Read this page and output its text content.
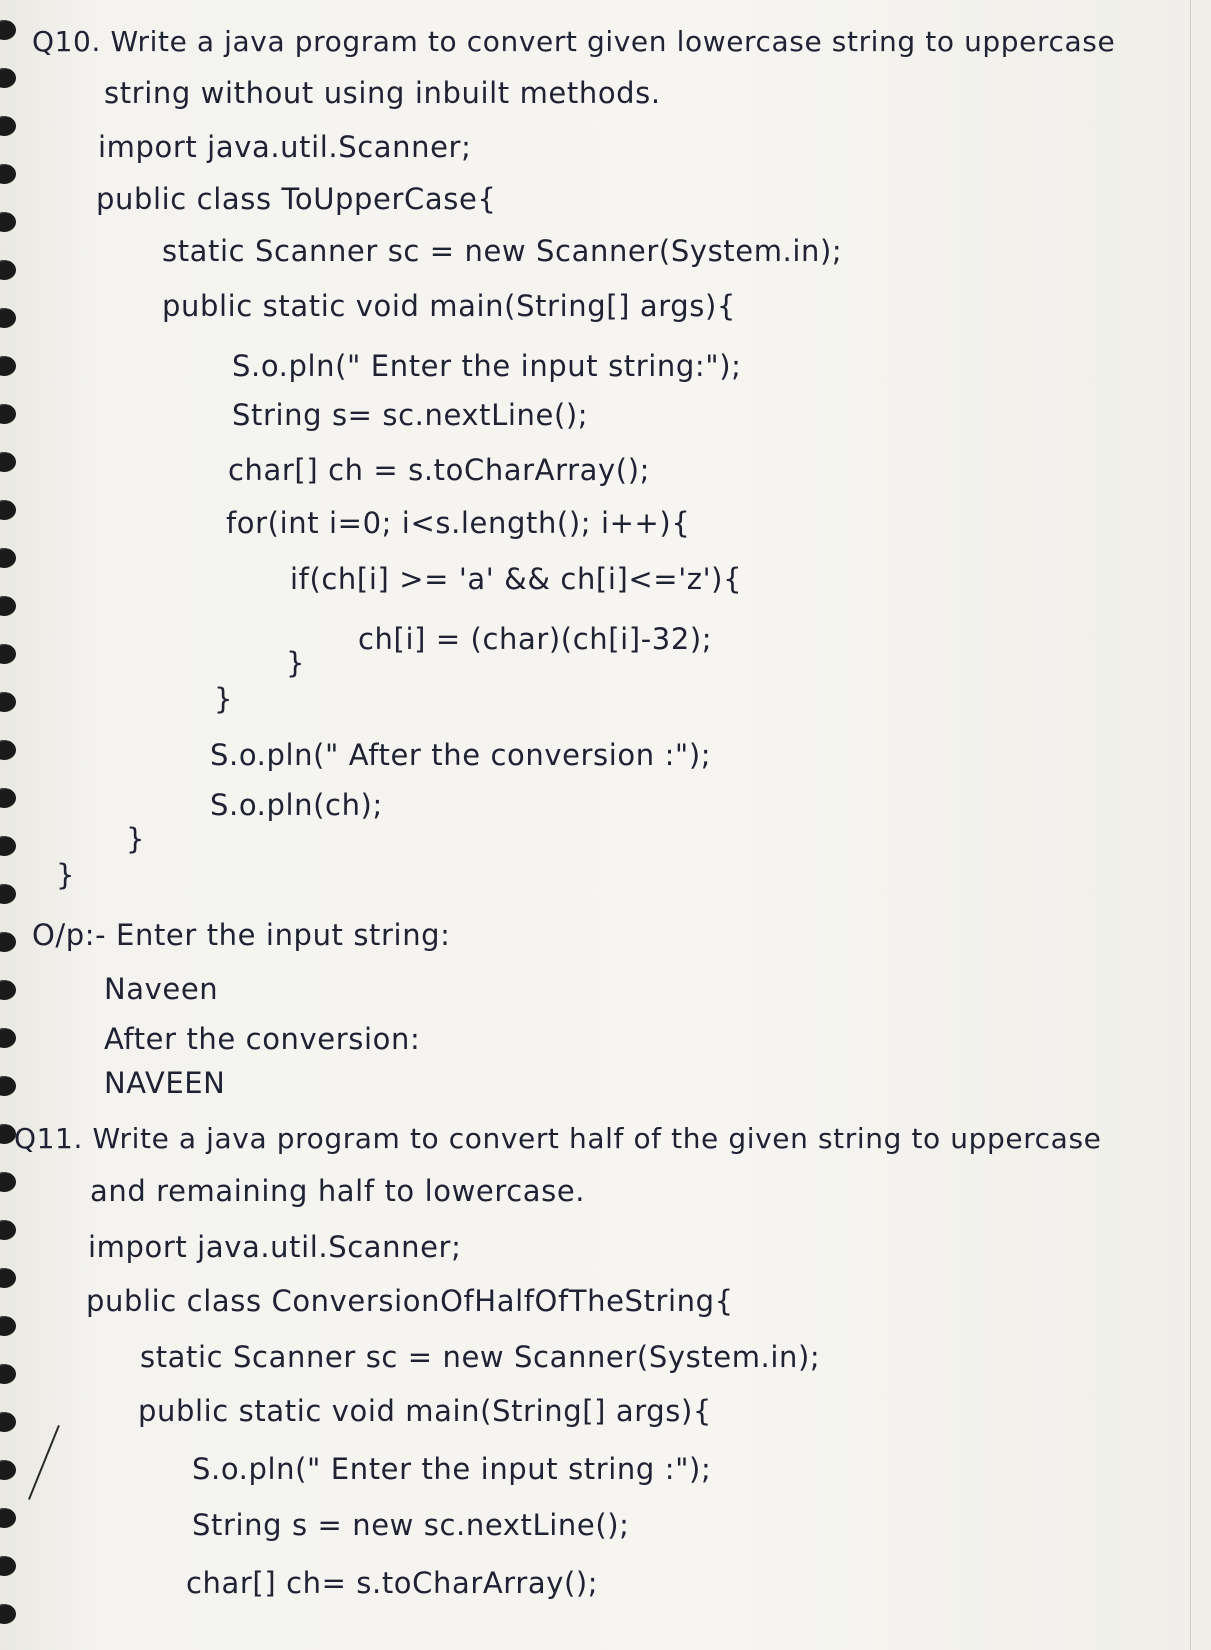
Q10. Write a java program to convert given lowercase string to uppercase
string without using inbuilt methods.
import java.util.Scanner;
public class ToUpperCase{
static Scanner sc = new Scanner(System.in);
public static void main(String[] args){
S.o.pln(" Enter the input string:");
String s= sc.nextLine();
char[] ch = s.toCharArray();
for(int i=0; i<s.length(); i++){
if(ch[i] >= 'a' && ch[i]<='z'){
ch[i] = (char)(ch[i]-32);
}
}
S.o.pln(" After the conversion :");
S.o.pln(ch);
}
}
O/p:- Enter the input string:
Naveen
After the conversion:
NAVEEN
Q11. Write a java program to convert half of the given string to uppercase
and remaining half to lowercase.
import java.util.Scanner;
public class ConversionOfHalfOfTheString{
static Scanner sc = new Scanner(System.in);
public static void main(String[] args){
S.o.pln(" Enter the input string :");
String s = new sc.nextLine();
char[] ch= s.toCharArray();
